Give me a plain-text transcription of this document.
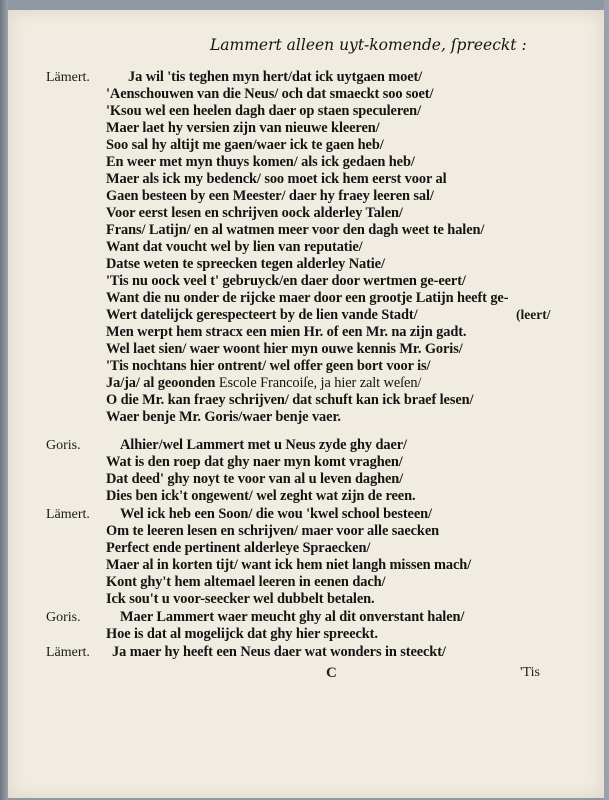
Lammert alleen uyt-komende, ſpreeckt :
Lämert.
Goris.
Lämert.
Goris.
Lämert.
Ja wil 'tis teghen myn hert/dat ick uytgaen moet/
'Aenschouwen van die Neus/ och dat smaeckt soo soet/
'Ksou wel een heelen dagh daer op staen speculeren/
Maer laet hy versien zijn van nieuwe kleeren/
Soo sal hy altijt me gaen/waer ick te gaen heb/
En weer met myn thuys komen/ als ick gedaen heb/
Maer als ick my bedenck/ soo moet ick hem eerst voor al
Gaen besteen by een Meester/ daer hy fraey leeren sal/
Voor eerst lesen en schrijven oock alderley Talen/
Frans/ Latijn/ en al watmen meer voor den dagh weet te halen/
Want dat voucht wel by lien van reputatie/
Datse weten te spreecken tegen alderley Natie/
'Tis nu oock veel t' gebruyck/en daer door wertmen ge-eert/
Want die nu onder de rijcke maer door een grootje Latijn heeft ge-
Wert datelijck gerespecteert by de lien vande Stadt/	(leert/
Men werpt hem stracx een mien Hr. of een Mr. na zijn gadt.
Wel laet sien/ waer woont hier myn ouwe kennis Mr. Goris/
'Tis nochtans hier ontrent/ wel offer geen bort voor is/
Ja/ja/ al geoonden Escole Francoiſe, ja hier zalt weſen/
O die Mr. kan fraey schrijven/ dat schuft kan ick braef lesen/
Waer benje Mr. Goris/waer benje vaer.
Alhier/wel Lammert met u Neus zyde ghy daer/
Wat is den roep dat ghy naer myn komt vraghen/
Dat deed' ghy noyt te voor van al u leven daghen/
Dies ben ick't ongewent/ wel zeght wat zijn de reen.
Wel ick heb een Soon/ die wou 'kwel school besteen/
Om te leeren lesen en schrijven/ maer voor alle saecken
Perfect ende pertinent alderleye Spraecken/
Maer al in korten tijt/ want ick hem niet langh missen mach/
Kont ghy't hem altemael leeren in eenen dach/
Ick sou't u voor-seecker wel dubbelt betalen.
Maer Lammert waer meucht ghy al dit onverstant halen/
Hoe is dat al mogelijck dat ghy hier spreeckt.
Ja maer hy heeft een Neus daer wat wonders in steeckt/
C	'Tis
